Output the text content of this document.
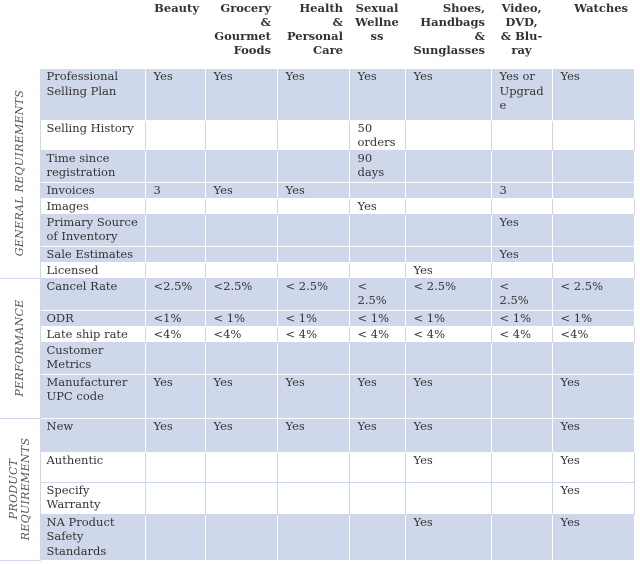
		Beauty	Grocery
&
Gourmet
Foods	Health
&
Personal
Care	Sexual
Wellne
ss	Shoes,
Handbags
&
Sunglasses	Video,
DVD,
& Blu-
ray	Watches

GENERAL REQUIREMENTS	Professional
Selling Plan	Yes	Yes	Yes	Yes	Yes	Yes or
Upgrad
e	Yes
	Selling History				50
orders			
	Time since
registration				90
days			
	Invoices	3	Yes	Yes			3	
	Images				Yes			
	Primary Source
of Inventory						Yes	
	Sale Estimates						Yes	
	Licensed					Yes		

PERFORMANCE	Cancel Rate	<2.5%	<2.5%	< 2.5%	<
2.5%	< 2.5%	<
2.5%	< 2.5%
	ODR	<1%	< 1%	< 1%	< 1%	< 1%	< 1%	< 1%
	Late ship rate	<4%	<4%	< 4%	< 4%	< 4%	< 4%	<4%
	Customer
Metrics							
	Manufacturer
UPC code	Yes	Yes	Yes	Yes	Yes		Yes

PRODUCT
REQUIREMENTS	New	Yes	Yes	Yes	Yes	Yes		Yes
	Authentic					Yes		Yes
	Specify
Warranty							Yes
	NA Product
Safety
Standards					Yes		Yes
